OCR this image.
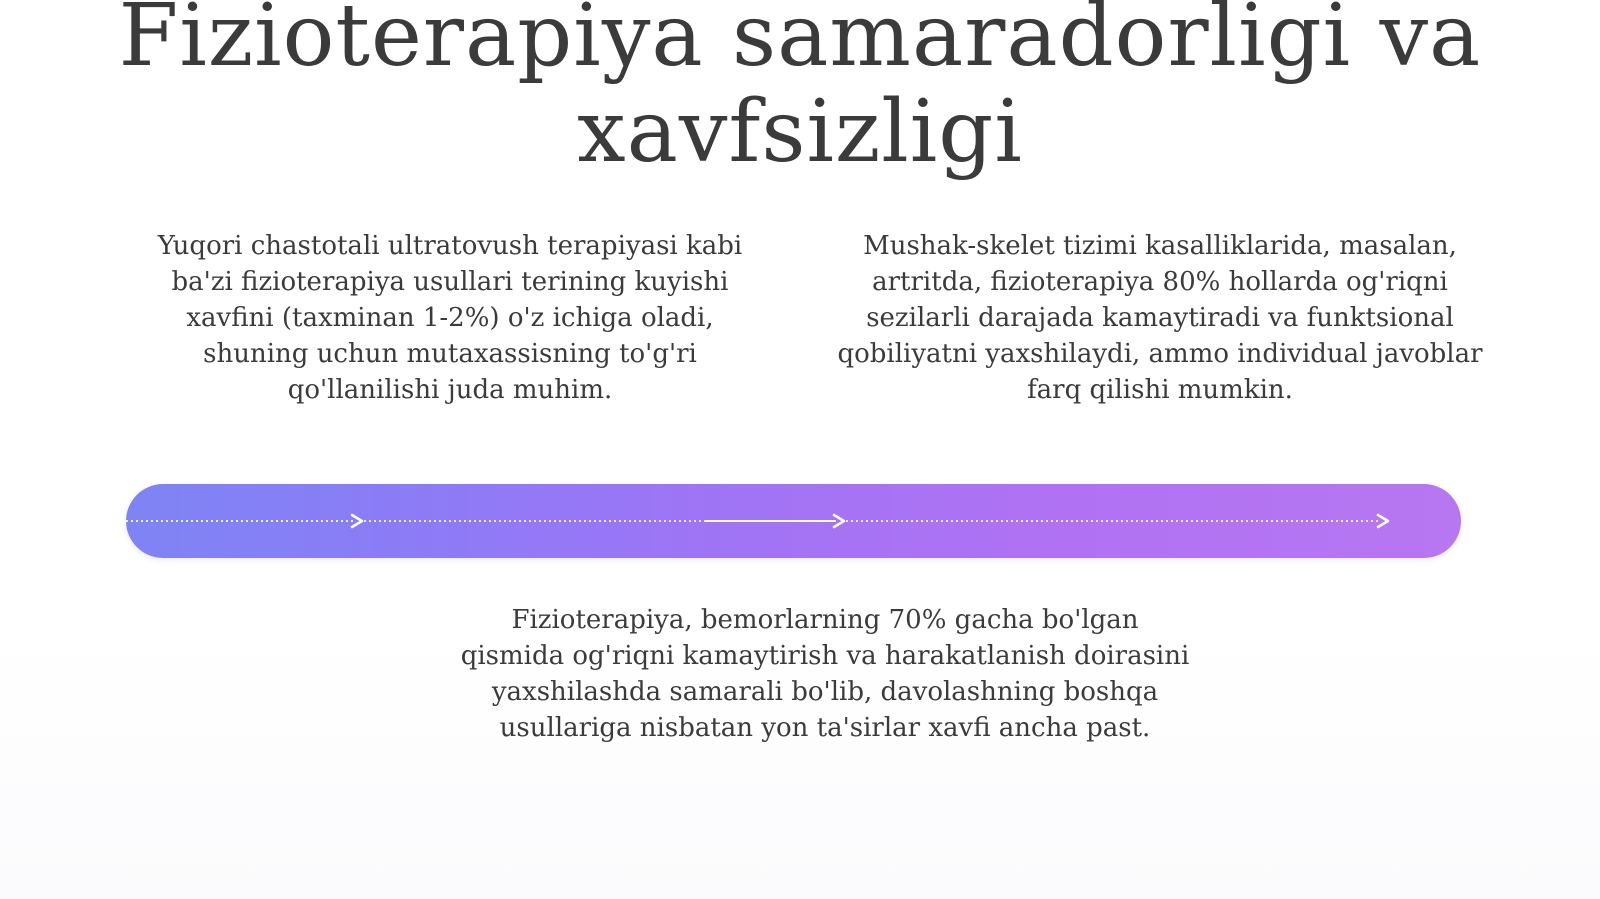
Fizioterapiya samaradorligi va xavfsizligi

Yuqori chastotali ultratovush terapiyasi kabi ba'zi fizioterapiya usullari terining kuyishi xavfini (taxminan 1-2%) o'z ichiga oladi, shuning uchun mutaxassisning to'g'ri qo'llanilishi juda muhim.

Mushak-skelet tizimi kasalliklarida, masalan, artritda, fizioterapiya 80% hollarda og'riqni sezilarli darajada kamaytiradi va funktsional qobiliyatni yaxshilaydi, ammo individual javoblar farq qilishi mumkin.

Fizioterapiya, bemorlarning 70% gacha bo'lgan qismida og'riqni kamaytirish va harakatlanish doirasini yaxshilashda samarali bo'lib, davolashning boshqa usullariga nisbatan yon ta'sirlar xavfi ancha past.
